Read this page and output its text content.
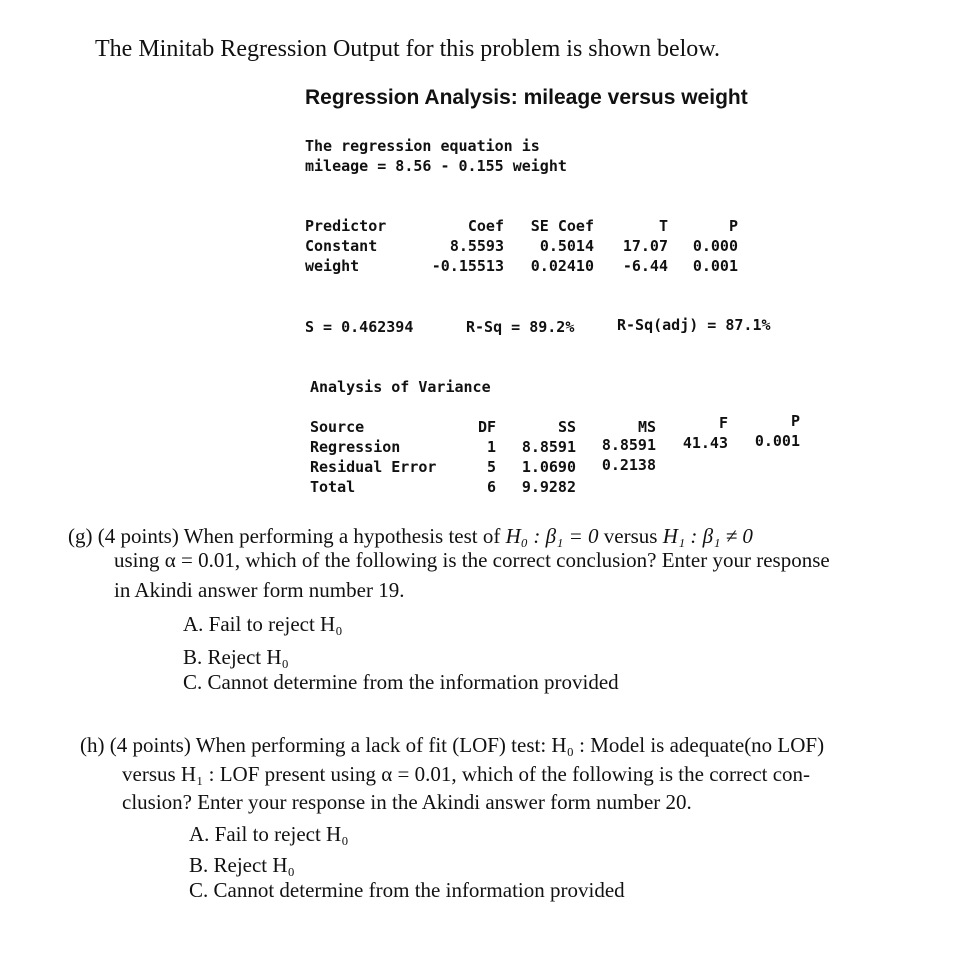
The Minitab Regression Output for this problem is shown below.
Regression Analysis: mileage versus weight
The regression equation is
mileage = 8.56 - 0.155 weight
Predictor	Coef	SE Coef	T	P
Constant	8.5593	0.5014	17.07	0.000
weight	-0.15513	0.02410	-6.44	0.001
S = 0.462394	R-Sq = 89.2%	R-Sq(adj) = 87.1%
Analysis of Variance
Source	DF	SS	MS	F	P
Regression	1	8.8591	8.8591	41.43	0.001
Residual Error	5	1.0690	0.2138
Total	6	9.9282
(g) (4 points) When performing a hypothesis test of H₀ : β₁ = 0 versus H₁ : β₁ ≠ 0
using α = 0.01, which of the following is the correct conclusion? Enter your response
in Akindi answer form number 19.
A. Fail to reject H₀
B. Reject H₀
C. Cannot determine from the information provided
(h) (4 points) When performing a lack of fit (LOF) test: H₀ : Model is adequate(no LOF)
versus H₁ : LOF present using α = 0.01, which of the following is the correct con-
clusion? Enter your response in the Akindi answer form number 20.
A. Fail to reject H₀
B. Reject H₀
C. Cannot determine from the information provided
